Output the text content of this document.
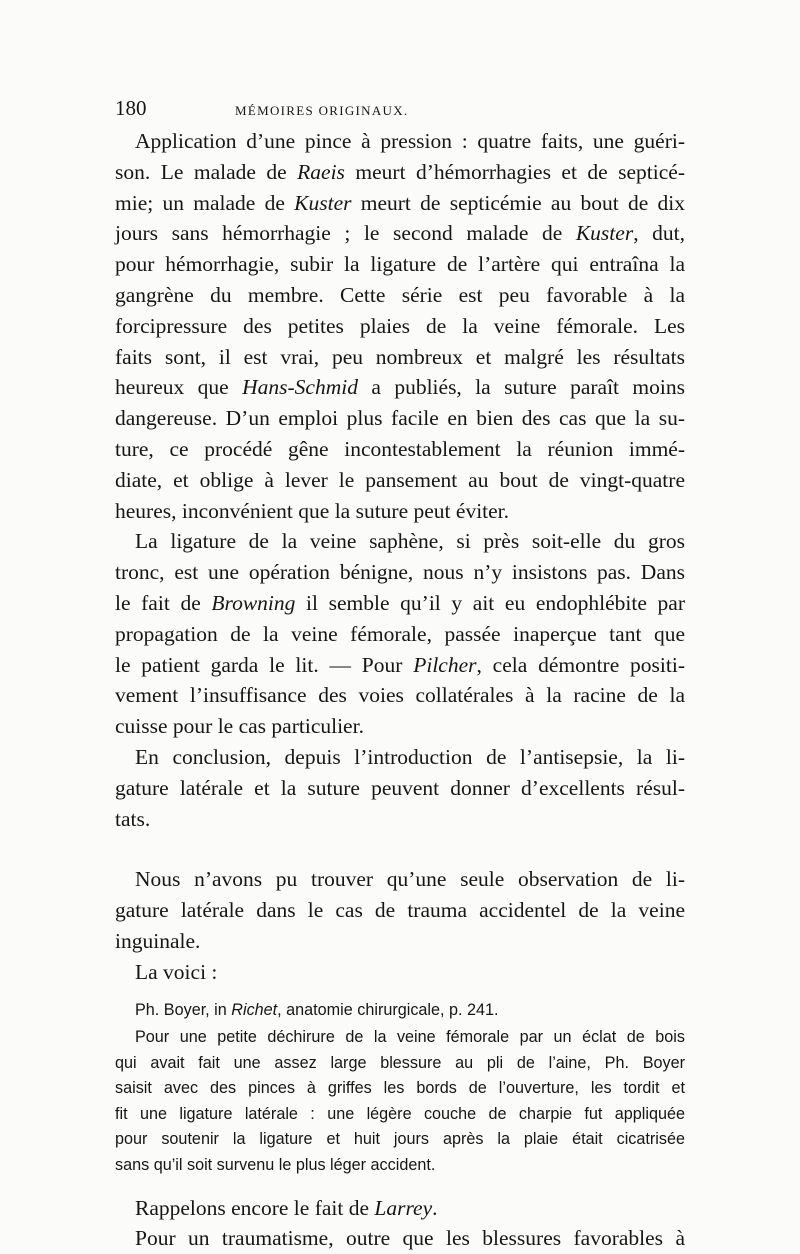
180	MÉMOIRES ORIGINAUX.

Application d’une pince à pression : quatre faits, une guéri-
son. Le malade de Raeis meurt d’hémorrhagies et de septicé-
mie; un malade de Kuster meurt de septicémie au bout de dix
jours sans hémorrhagie ; le second malade de Kuster, dut,
pour hémorrhagie, subir la ligature de l’artère qui entraîna la
gangrène du membre. Cette série est peu favorable à la
forcipressure des petites plaies de la veine fémorale. Les
faits sont, il est vrai, peu nombreux et malgré les résultats
heureux que Hans-Schmid a publiés, la suture paraît moins
dangereuse. D’un emploi plus facile en bien des cas que la su-
ture, ce procédé gêne incontestablement la réunion immé-
diate, et oblige à lever le pansement au bout de vingt-quatre
heures, inconvénient que la suture peut éviter.

La ligature de la veine saphène, si près soit-elle du gros
tronc, est une opération bénigne, nous n’y insistons pas. Dans
le fait de Browning il semble qu’il y ait eu endophlébite par
propagation de la veine fémorale, passée inaperçue tant que
le patient garda le lit. — Pour Pilcher, cela démontre positi-
vement l’insuffisance des voies collatérales à la racine de la
cuisse pour le cas particulier.

En conclusion, depuis l’introduction de l’antisepsie, la li-
gature latérale et la suture peuvent donner d’excellents résul-
tats.

Nous n’avons pu trouver qu’une seule observation de li-
gature latérale dans le cas de trauma accidentel de la veine
inguinale.

La voici :

Ph. Boyer, in Richet, anatomie chirurgicale, p. 241.
Pour une petite déchirure de la veine fémorale par un éclat de bois
qui avait fait une assez large blessure au pli de l’aine, Ph. Boyer
saisit avec des pinces à griffes les bords de l’ouverture, les tordit et
fit une ligature latérale : une légère couche de charpie fut appliquée
pour soutenir la ligature et huit jours après la plaie était cicatrisée
sans qu’il soit survenu le plus léger accident.

Rappelons encore le fait de Larrey.

Pour un traumatisme, outre que les blessures favorables à
